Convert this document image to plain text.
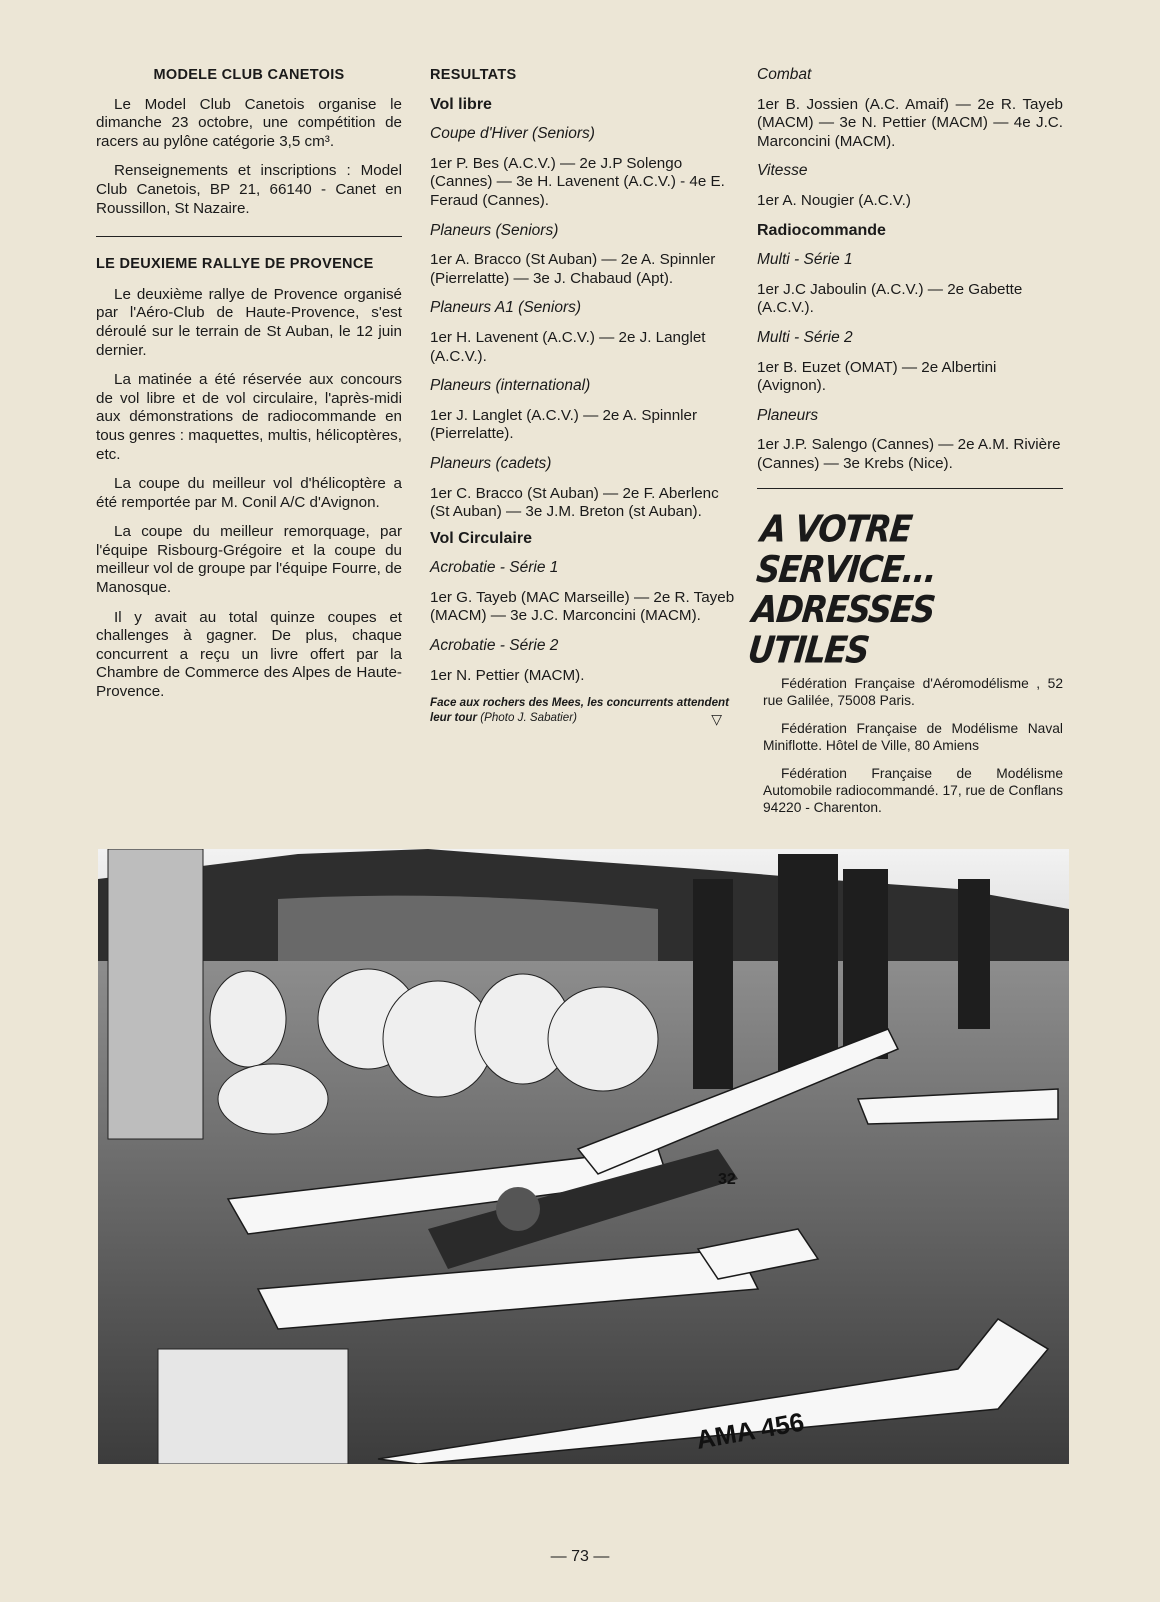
MODELE CLUB CANETOIS

Le Model Club Canetois organise le dimanche 23 octobre, une compétition de racers au pylône catégorie 3,5 cm³.

Renseignements et inscriptions : Model Club Canetois, BP 21, 66140 - Canet en Roussillon, St Nazaire.

LE DEUXIEME RALLYE DE PROVENCE

Le deuxième rallye de Provence organisé par l'Aéro-Club de Haute-Provence, s'est déroulé sur le terrain de St Auban, le 12 juin dernier.

La matinée a été réservée aux concours de vol libre et de vol circulaire, l'après-midi aux démonstrations de radiocommande en tous genres : maquettes, multis, hélicoptères, etc.

La coupe du meilleur vol d'hélicoptère a été remportée par M. Conil A/C d'Avignon.

La coupe du meilleur remorquage, par l'équipe Risbourg-Grégoire et la coupe du meilleur vol de groupe par l'équipe Fourre, de Manosque.

Il y avait au total quinze coupes et challenges à gagner. De plus, chaque concurrent a reçu un livre offert par la Chambre de Commerce des Alpes de Haute-Provence.

RESULTATS

Vol libre

Coupe d'Hiver (Seniors)

1er P. Bes (A.C.V.) — 2e J.P Solengo (Cannes) — 3e H. Lavenent (A.C.V.) - 4e E. Feraud (Cannes).

Planeurs (Seniors)

1er A. Bracco (St Auban) — 2e A. Spinnler (Pierrelatte) — 3e J. Chabaud (Apt).

Planeurs A1 (Seniors)

1er H. Lavenent (A.C.V.) — 2e J. Langlet (A.C.V.).

Planeurs (international)

1er J. Langlet (A.C.V.) — 2e A. Spinnler (Pierrelatte).

Planeurs (cadets)

1er C. Bracco (St Auban) — 2e F. Aberlenc (St Auban) — 3e J.M. Breton (st Auban).

Vol Circulaire

Acrobatie - Série 1

1er G. Tayeb (MAC Marseille) — 2e R. Tayeb (MACM) — 3e J.C. Marconcini (MACM).

Acrobatie - Série 2

1er N. Pettier (MACM).

Face aux rochers des Mees, les concurrents attendent leur tour (Photo J. Sabatier)	▽

Combat

1er B. Jossien (A.C. Amaif) — 2e R. Tayeb (MACM) — 3e N. Pettier (MACM) — 4e J.C. Marconcini (MACM).

Vitesse

1er A. Nougier (A.C.V.)

Radiocommande

Multi - Série 1

1er J.C Jaboulin (A.C.V.) — 2e Gabette (A.C.V.).

Multi - Série 2

1er B. Euzet (OMAT) — 2e Albertini (Avignon).

Planeurs

1er J.P. Salengo (Cannes) — 2e A.M. Rivière (Cannes) — 3e Krebs (Nice).

A VOTRE SERVICE...
ADRESSES UTILES

Fédération Française d'Aéromodélisme , 52 rue Galilée, 75008 Paris.

Fédération Française de Modélisme Naval Miniflotte. Hôtel de Ville, 80 Amiens

Fédération Française de Modélisme Automobile radiocommandé. 17, rue de Conflans 94220 - Charenton.

AMA 456
32
— 73 —
